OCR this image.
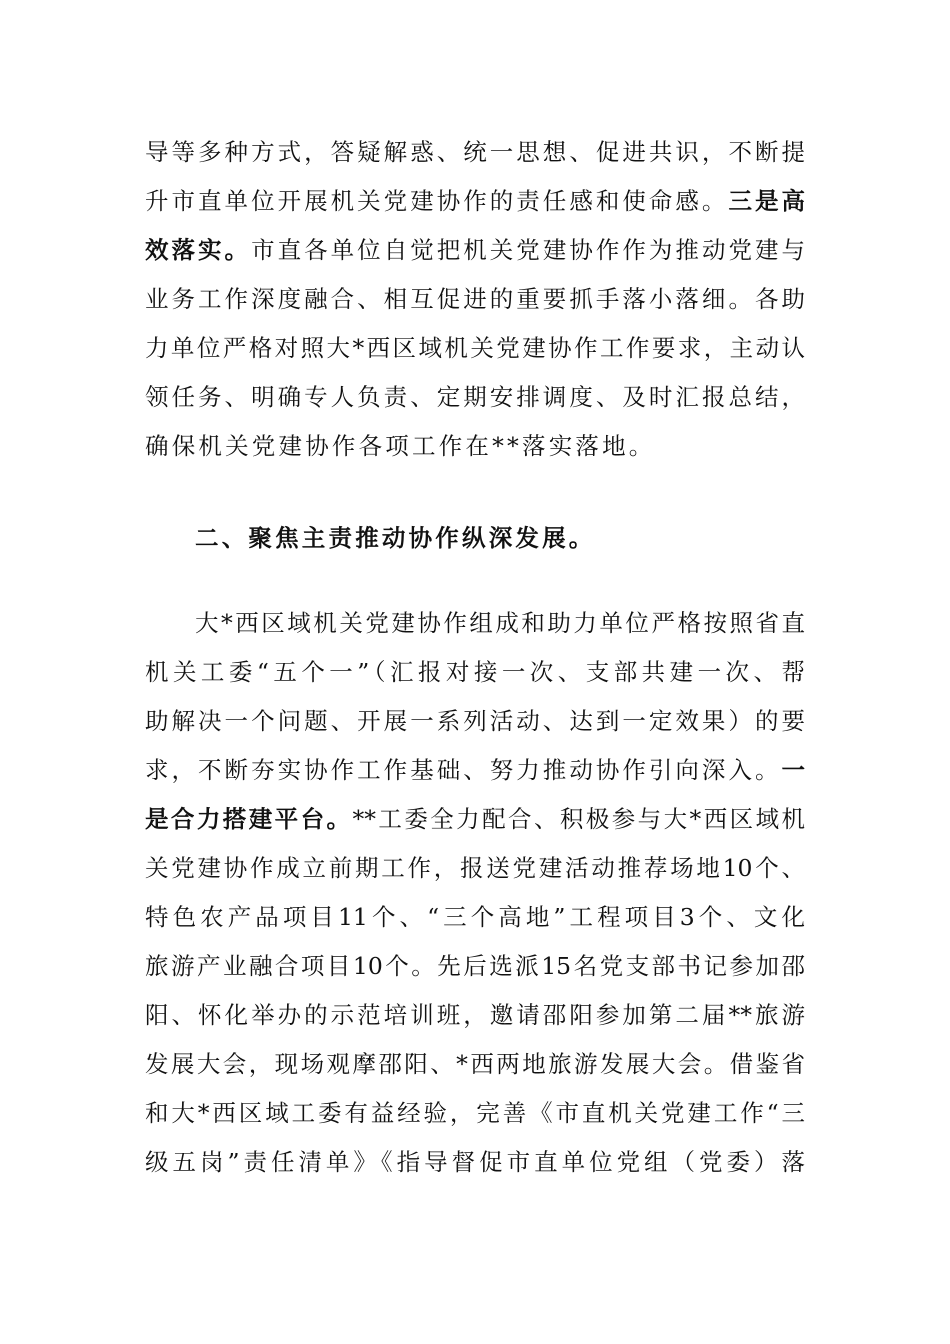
导等多种方式，答疑解惑、统一思想、促进共识，不断提
升市直单位开展机关党建协作的责任感和使命感。三是高
效落实。市直各单位自觉把机关党建协作作为推动党建与
业务工作深度融合、相互促进的重要抓手落小落细。各助
力单位严格对照大*西区域机关党建协作工作要求，主动认
领任务、明确专人负责、定期安排调度、及时汇报总结，
确保机关党建协作各项工作在**落实落地。
二、聚焦主责推动协作纵深发展。
大*西区域机关党建协作组成和助力单位严格按照省直
机关工委“五个一”（汇报对接一次、支部共建一次、帮
助解决一个问题、开展一系列活动、达到一定效果）的要
求，不断夯实协作工作基础、努力推动协作引向深入。一
是合力搭建平台。**工委全力配合、积极参与大*西区域机
关党建协作成立前期工作，报送党建活动推荐场地10个、
特色农产品项目11个、“三个高地”工程项目3个、文化
旅游产业融合项目10个。先后选派15名党支部书记参加邵
阳、怀化举办的示范培训班，邀请邵阳参加第二届**旅游
发展大会，现场观摩邵阳、*西两地旅游发展大会。借鉴省
和大*西区域工委有益经验，完善《市直机关党建工作“三
级五岗”责任清单》《指导督促市直单位党组（党委）落
